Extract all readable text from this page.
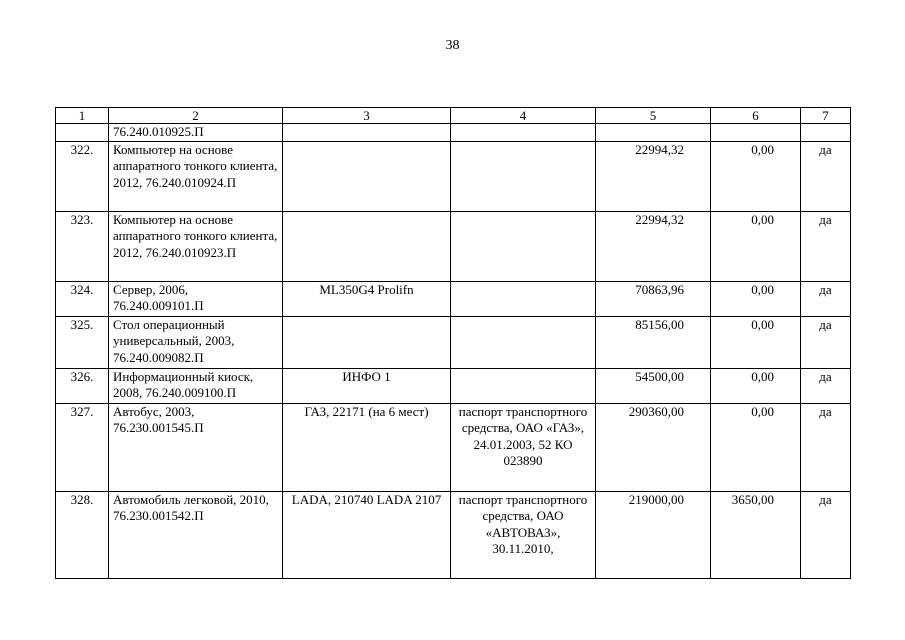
38
1	2	3	4	5	6	7
	76.240.010925.П					
322.	Компьютер на основе аппаратного тонкого клиента, 2012, 76.240.010924.П			22994,32	0,00	да
323.	Компьютер на основе аппаратного тонкого клиента, 2012, 76.240.010923.П			22994,32	0,00	да
324.	Сервер, 2006, 76.240.009101.П	ML350G4 Prolifn		70863,96	0,00	да
325.	Стол операционный универсальный, 2003, 76.240.009082.П			85156,00	0,00	да
326.	Информационный киоск, 2008, 76.240.009100.П	ИНФО 1		54500,00	0,00	да
327.	Автобус, 2003, 76.230.001545.П	ГАЗ, 22171 (на 6 мест)	паспорт транспортного средства, ОАО «ГАЗ», 24.01.2003, 52 КО 023890	290360,00	0,00	да
328.	Автомобиль легковой, 2010, 76.230.001542.П	LADA, 210740 LADA 2107	паспорт транспортного средства, ОАО «АВТОВАЗ», 30.11.2010,	219000,00	3650,00	да
